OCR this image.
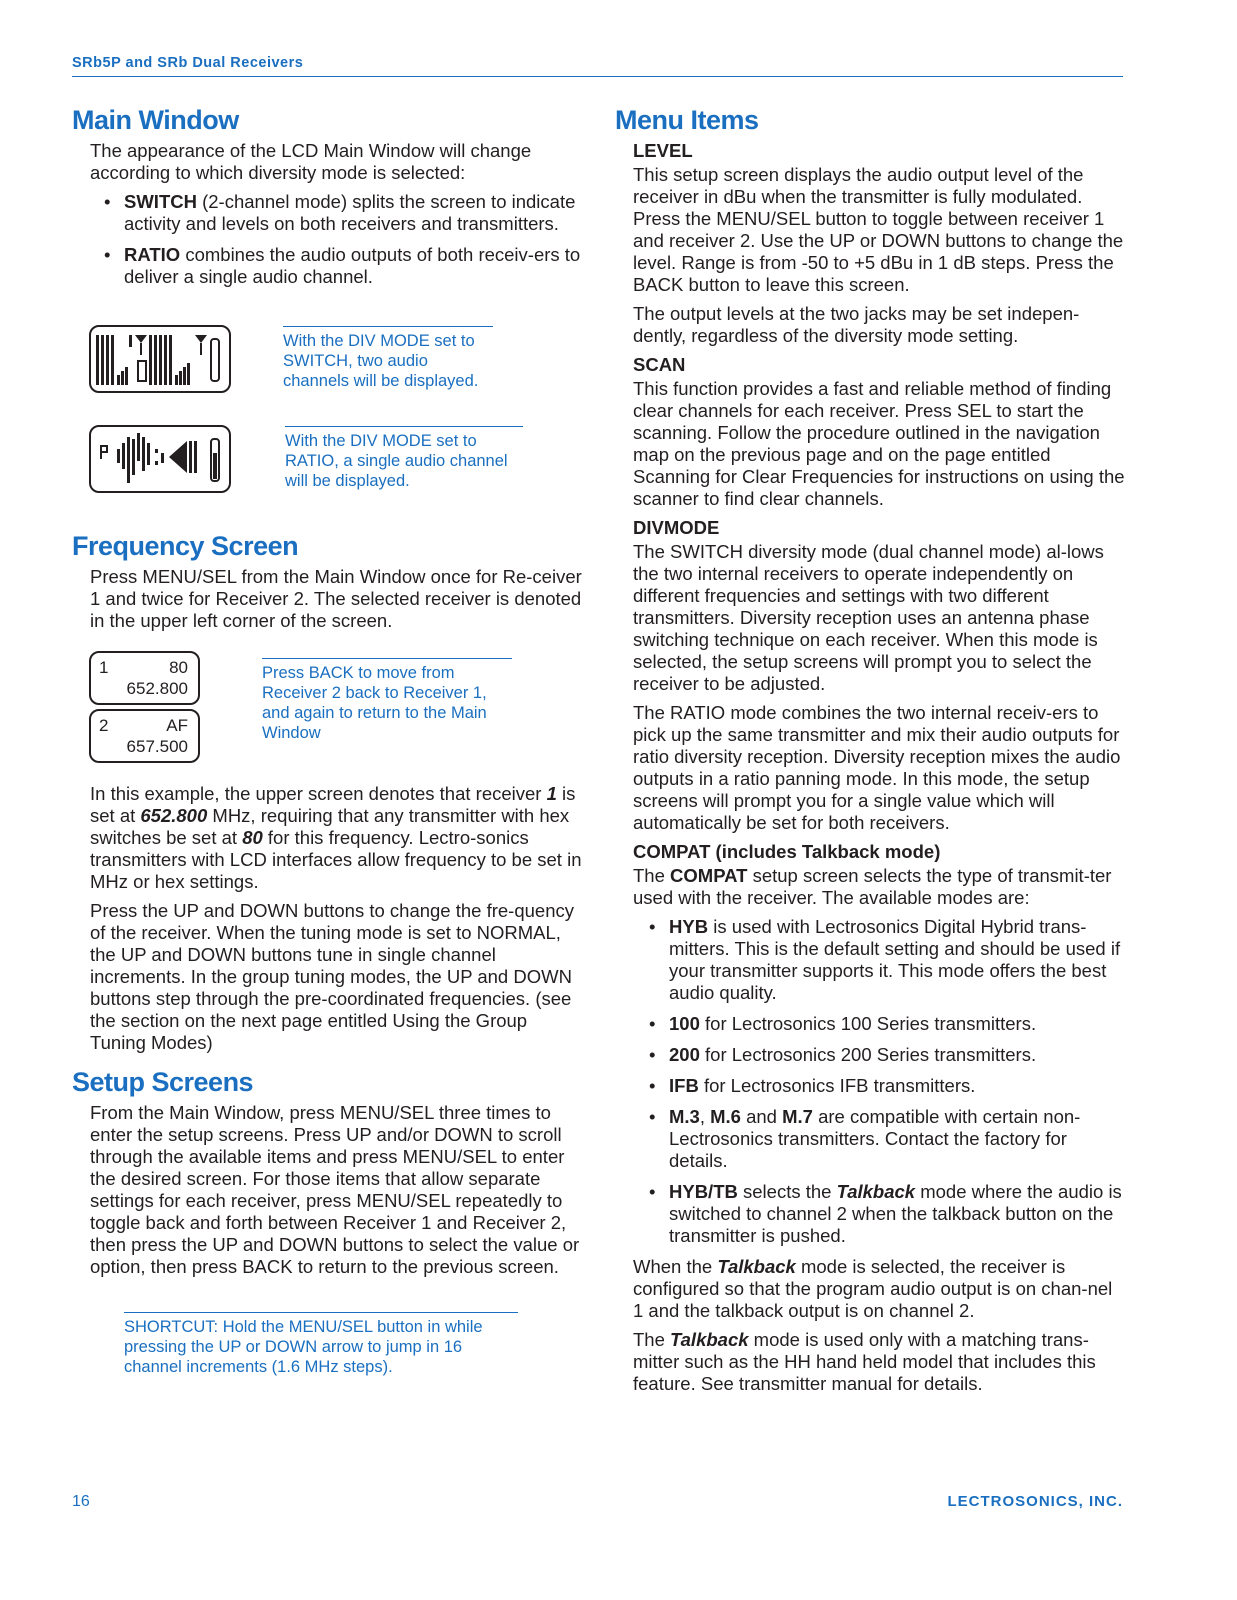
SRb5P and SRb Dual Receivers
Main Window

The appearance of the LCD Main Window will change according to which diversity mode is selected:

• SWITCH (2-channel mode) splits the screen to indicate activity and levels on both receivers and transmitters.
• RATIO combines the audio outputs of both receiv-ers to deliver a single audio channel.
With the DIV MODE set to SWITCH, two audio channels will be displayed.
With the DIV MODE set to RATIO, a single audio channel will be displayed.
Frequency Screen

Press MENU/SEL from the Main Window once for Re-ceiver 1 and twice for Receiver 2. The selected receiver is denoted in the upper left corner of the screen.

1	80
652.800
2	AF
657.500
Press BACK to move from Receiver 2 back to Receiver 1, and again to return to the Main Window

In this example, the upper screen denotes that receiver 1 is set at 652.800 MHz, requiring that any transmitter with hex switches be set at 80 for this frequency. Lectro-sonics transmitters with LCD interfaces allow frequency to be set in MHz or hex settings.

Press the UP and DOWN buttons to change the fre-quency of the receiver. When the tuning mode is set to NORMAL, the UP and DOWN buttons tune in single channel increments. In the group tuning modes, the UP and DOWN buttons step through the pre-coordinated frequencies. (see the section on the next page entitled Using the Group Tuning Modes)

Setup Screens

From the Main Window, press MENU/SEL three times to enter the setup screens. Press UP and/or DOWN to scroll through the available items and press MENU/SEL to enter the desired screen. For those items that allow separate settings for each receiver, press MENU/SEL repeatedly to toggle back and forth between Receiver 1 and Receiver 2, then press the UP and DOWN buttons to select the value or option, then press BACK to return to the previous screen.

SHORTCUT: Hold the MENU/SEL button in while pressing the UP or DOWN arrow to jump in 16 channel increments (1.6 MHz steps).
Menu Items
LEVEL

This setup screen displays the audio output level of the receiver in dBu when the transmitter is fully modulated. Press the MENU/SEL button to toggle between receiver 1 and receiver 2. Use the UP or DOWN buttons to change the level. Range is from -50 to +5 dBu in 1 dB steps. Press the BACK button to leave this screen.

The output levels at the two jacks may be set indepen-dently, regardless of the diversity mode setting.

SCAN

This function provides a fast and reliable method of finding clear channels for each receiver. Press SEL to start the scanning. Follow the procedure outlined in the navigation map on the previous page and on the page entitled Scanning for Clear Frequencies for instructions on using the scanner to find clear channels.

DIVMODE

The SWITCH diversity mode (dual channel mode) al-lows the two internal receivers to operate independently on different frequencies and settings with two different transmitters. Diversity reception uses an antenna phase switching technique on each receiver. When this mode is selected, the setup screens will prompt you to select the receiver to be adjusted.

The RATIO mode combines the two internal receiv-ers to pick up the same transmitter and mix their audio outputs for ratio diversity reception. Diversity reception mixes the audio outputs in a ratio panning mode. In this mode, the setup screens will prompt you for a single value which will automatically be set for both receivers.

COMPAT (includes Talkback mode)

The COMPAT setup screen selects the type of transmit-ter used with the receiver. The available modes are:

• HYB is used with Lectrosonics Digital Hybrid trans-mitters. This is the default setting and should be used if your transmitter supports it. This mode offers the best audio quality.
• 100 for Lectrosonics 100 Series transmitters.
• 200 for Lectrosonics 200 Series transmitters.
• IFB for Lectrosonics IFB transmitters.
• M.3, M.6 and M.7 are compatible with certain non-Lectrosonics transmitters. Contact the factory for details.
• HYB/TB selects the Talkback mode where the audio is switched to channel 2 when the talkback button on the transmitter is pushed.

When the Talkback mode is selected, the receiver is configured so that the program audio output is on chan-nel 1 and the talkback output is on channel 2.

The Talkback mode is used only with a matching trans-mitter such as the HH hand held model that includes this feature. See transmitter manual for details.

16	LECTROSONICS, INC.
